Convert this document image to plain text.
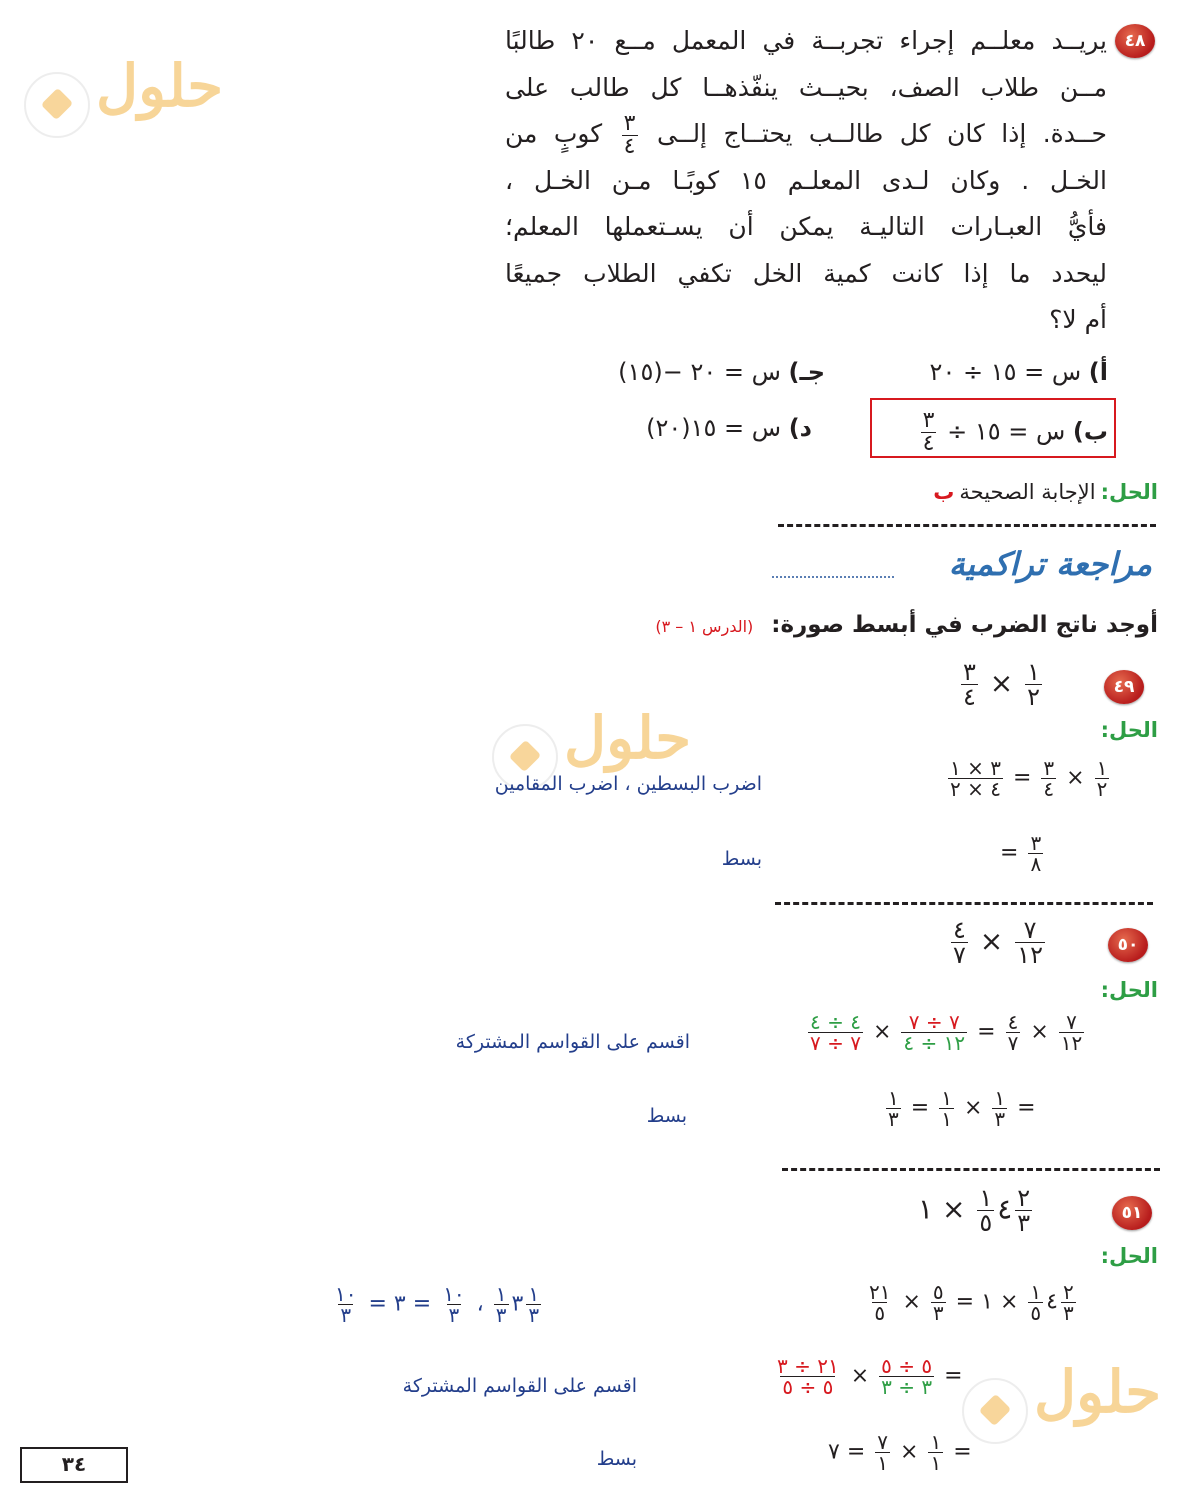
حلول
حلول
حلول
٤٨
يريــد معلــم إجراء تجربــة في المعمل مــع ٢٠ طالبًا
مــن طلاب الصف، بحيــث ينفّذهــا كل طالب على
حــدة. إذا كان كل طالــب يحتــاج إلــى
$\frac{٣}{٤}$
كوبٍ من
الخـل . وكان لـدى المعلـم ١٥ كوبًـا مـن الخـل ،
فأيُّ العبـارات التاليـة يمكن أن يسـتعملها المعلم؛
ليحدد ما إذا كانت كمية الخل تكفي الطلاب جميعًا
أم لا؟
أ) س = ١٥ ÷ ٢٠
جـ) س = ٢٠ −(١٥)
ب) س = ١٥ ÷
$\frac{٣}{٤}$
د) س = ١٥(٢٠)
الحل: الإجابة الصحيحة ب
مراجعة تراكمية
أوجد ناتج الضرب في أبسط صورة:(الدرس ١ – ٣)
٤٩
$\frac{٣}{٤} \times \frac{١}{٢}$
الحل:
$\frac{٣ \times ١}{٤ \times ٢} = \frac{٣}{٤} \times \frac{١}{٢}$
اضرب البسطين ، اضرب المقامين
= $\frac{٣}{٨}$
بسط
٥٠
$\frac{٤}{٧} \times \frac{٧}{١٢}$
الحل:
$\frac{٤ \div ٤}{٧ \div ٧} \times \frac{٧ \div ٧}{١٢ \div ٤} = \frac{٤}{٧} \times \frac{٧}{١٢}$
اقسم على القواسم المشتركة
$\frac{١}{٣} = \frac{١}{١} \times \frac{١}{٣}$ =
بسط
٥١
٤
$\frac{١}{٥}$
× ١	$\frac{٢}{٣}$
الحل:
$\frac{٢١}{٥} \times \frac{٥}{٣}$ =	٤
$\frac{١}{٥}$
× ١	$\frac{٢}{٣}$
$\frac{١٠}{٣}$ =	٣
$\frac{١}{٣}$
،
$\frac{١٠}{٣}$
= ٣	$\frac{١}{٣}$
$\frac{٢١ \div ٣}{٥ \div ٥} \times \frac{٥ \div ٥}{٣ \div ٣}$ =
اقسم على القواسم المشتركة
٧ = $\frac{٧}{١} \times \frac{١}{١}$ =
بسط
٣٤
